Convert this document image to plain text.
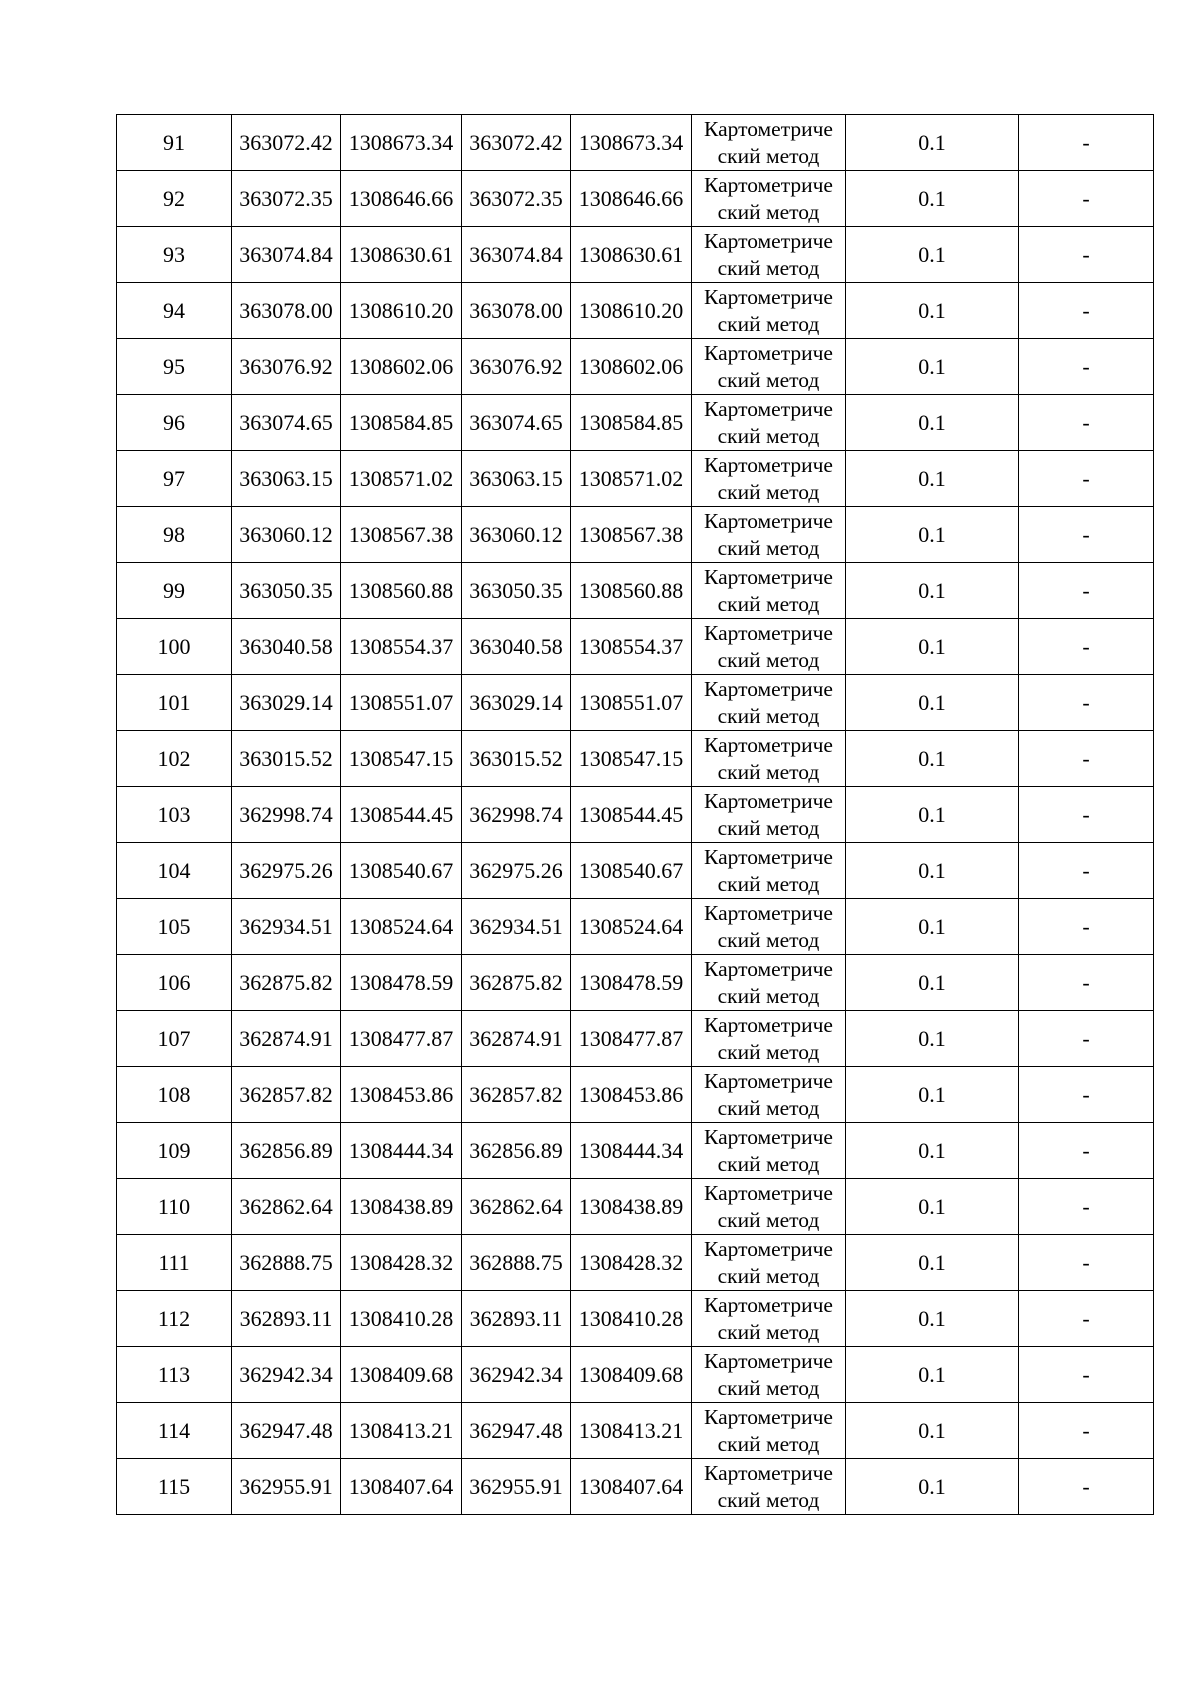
91	363072.42	1308673.34	363072.42	1308673.34	Картометриче ский метод	0.1	-
92	363072.35	1308646.66	363072.35	1308646.66	Картометриче ский метод	0.1	-
93	363074.84	1308630.61	363074.84	1308630.61	Картометриче ский метод	0.1	-
94	363078.00	1308610.20	363078.00	1308610.20	Картометриче ский метод	0.1	-
95	363076.92	1308602.06	363076.92	1308602.06	Картометриче ский метод	0.1	-
96	363074.65	1308584.85	363074.65	1308584.85	Картометриче ский метод	0.1	-
97	363063.15	1308571.02	363063.15	1308571.02	Картометриче ский метод	0.1	-
98	363060.12	1308567.38	363060.12	1308567.38	Картометриче ский метод	0.1	-
99	363050.35	1308560.88	363050.35	1308560.88	Картометриче ский метод	0.1	-
100	363040.58	1308554.37	363040.58	1308554.37	Картометриче ский метод	0.1	-
101	363029.14	1308551.07	363029.14	1308551.07	Картометриче ский метод	0.1	-
102	363015.52	1308547.15	363015.52	1308547.15	Картометриче ский метод	0.1	-
103	362998.74	1308544.45	362998.74	1308544.45	Картометриче ский метод	0.1	-
104	362975.26	1308540.67	362975.26	1308540.67	Картометриче ский метод	0.1	-
105	362934.51	1308524.64	362934.51	1308524.64	Картометриче ский метод	0.1	-
106	362875.82	1308478.59	362875.82	1308478.59	Картометриче ский метод	0.1	-
107	362874.91	1308477.87	362874.91	1308477.87	Картометриче ский метод	0.1	-
108	362857.82	1308453.86	362857.82	1308453.86	Картометриче ский метод	0.1	-
109	362856.89	1308444.34	362856.89	1308444.34	Картометриче ский метод	0.1	-
110	362862.64	1308438.89	362862.64	1308438.89	Картометриче ский метод	0.1	-
111	362888.75	1308428.32	362888.75	1308428.32	Картометриче ский метод	0.1	-
112	362893.11	1308410.28	362893.11	1308410.28	Картометриче ский метод	0.1	-
113	362942.34	1308409.68	362942.34	1308409.68	Картометриче ский метод	0.1	-
114	362947.48	1308413.21	362947.48	1308413.21	Картометриче ский метод	0.1	-
115	362955.91	1308407.64	362955.91	1308407.64	Картометриче ский метод	0.1	-
